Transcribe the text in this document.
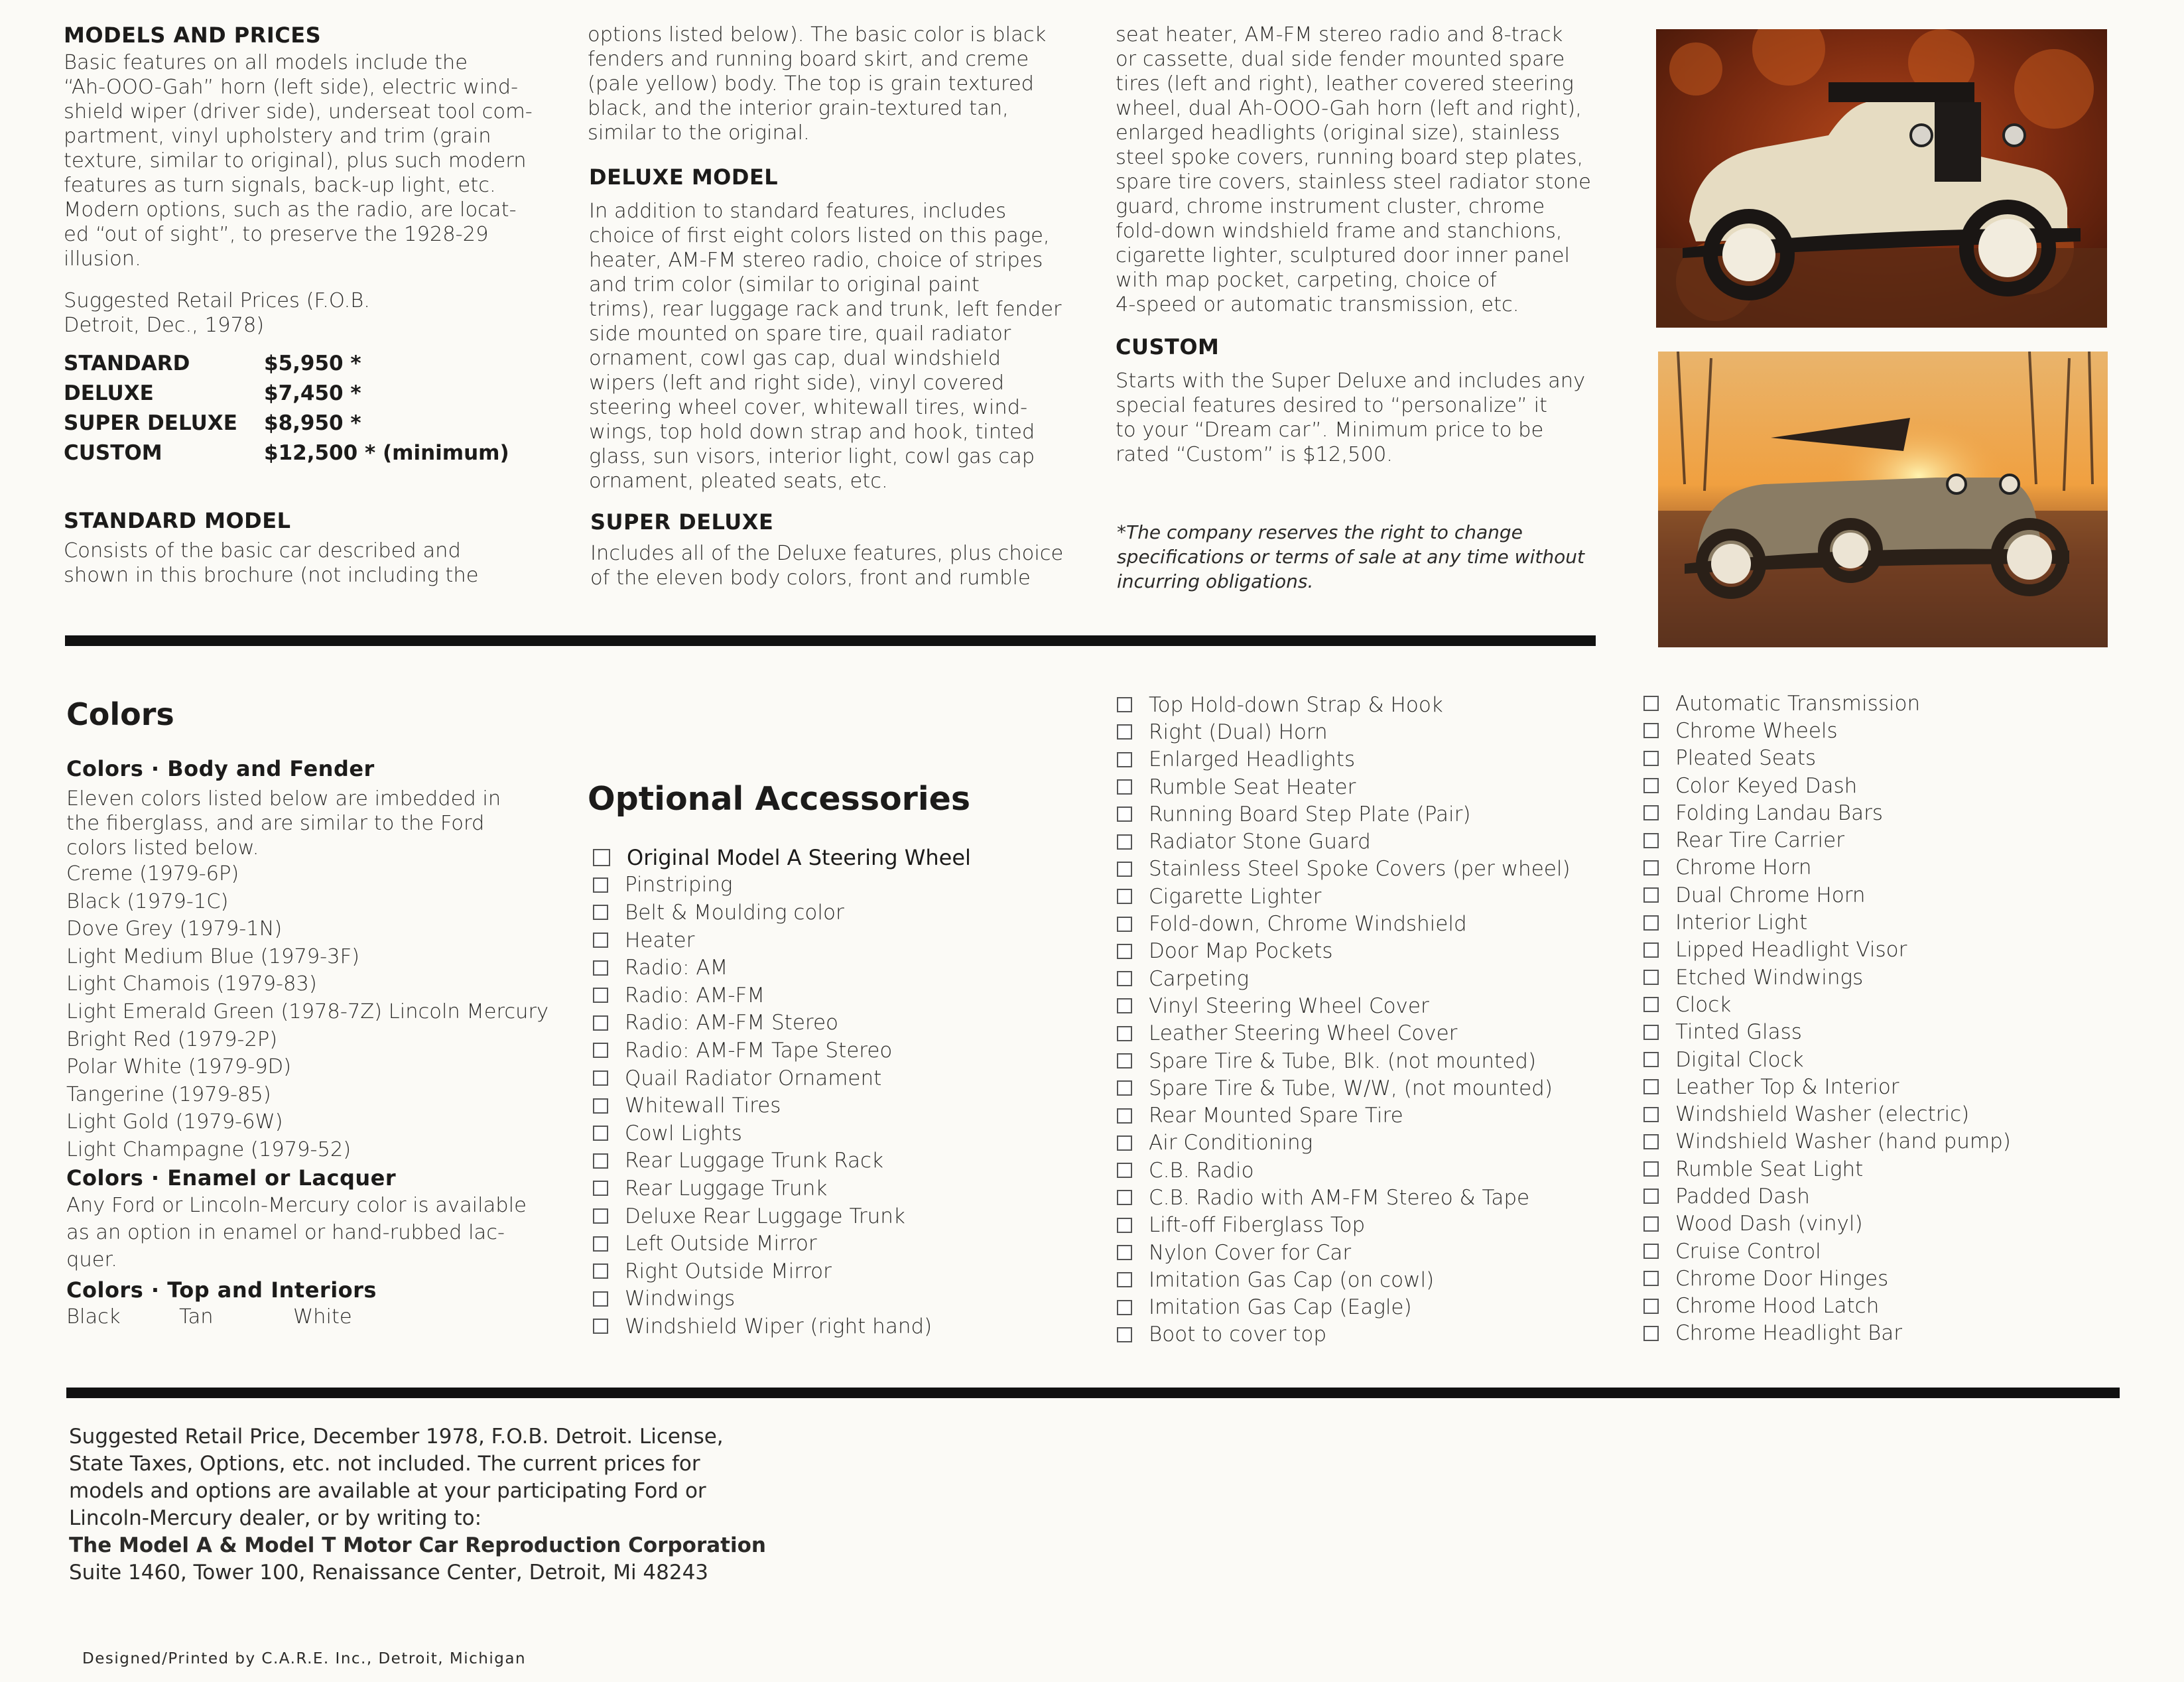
MODELS AND PRICES
Basic features on all models include the
“Ah-OOO-Gah” horn (left side), electric wind-
shield wiper (driver side), underseat tool com-
partment, vinyl upholstery and trim (grain
texture, similar to original), plus such modern
features as turn signals, back-up light, etc.
Modern options, such as the radio, are locat-
ed “out of sight”, to preserve the 1928-29
illusion.
Suggested Retail Prices (F.O.B.
Detroit, Dec., 1978)
STANDARD	$5,950 *
DELUXE	$7,450 *
SUPER DELUXE	$8,950 *
CUSTOM	$12,500 * (minimum)
STANDARD MODEL
Consists of the basic car described and
shown in this brochure (not including the
options listed below). The basic color is black
fenders and running board skirt, and creme
(pale yellow) body. The top is grain textured
black, and the interior grain-textured tan,
similar to the original.
DELUXE MODEL
In addition to standard features, includes
choice of first eight colors listed on this page,
heater, AM-FM stereo radio, choice of stripes
and trim color (similar to original paint
trims), rear luggage rack and trunk, left fender
side mounted on spare tire, quail radiator
ornament, cowl gas cap, dual windshield
wipers (left and right side), vinyl covered
steering wheel cover, whitewall tires, wind-
wings, top hold down strap and hook, tinted
glass, sun visors, interior light, cowl gas cap
ornament, pleated seats, etc.
SUPER DELUXE
Includes all of the Deluxe features, plus choice
of the eleven body colors, front and rumble
seat heater, AM-FM stereo radio and 8-track
or cassette, dual side fender mounted spare
tires (left and right), leather covered steering
wheel, dual Ah-OOO-Gah horn (left and right),
enlarged headlights (original size), stainless
steel spoke covers, running board step plates,
spare tire covers, stainless steel radiator stone
guard, chrome instrument cluster, chrome
fold-down windshield frame and stanchions,
cigarette lighter, sculptured door inner panel
with map pocket, carpeting, choice of
4-speed or automatic transmission, etc.
CUSTOM
Starts with the Super Deluxe and includes any
special features desired to “personalize” it
to your “Dream car”. Minimum price to be
rated “Custom” is $12,500.
*The company reserves the right to change
specifications or terms of sale at any time without
incurring obligations.
Colors
Colors · Body and Fender
Eleven colors listed below are imbedded in
the fiberglass, and are similar to the Ford
colors listed below.
Creme (1979-6P)
Black (1979-1C)
Dove Grey (1979-1N)
Light Medium Blue (1979-3F)
Light Chamois (1979-83)
Light Emerald Green (1978-7Z) Lincoln Mercury
Bright Red (1979-2P)
Polar White (1979-9D)
Tangerine (1979-85)
Light Gold (1979-6W)
Light Champagne (1979-52)
Colors · Enamel or Lacquer
Any Ford or Lincoln-Mercury color is available
as an option in enamel or hand-rubbed lac-
quer.
Colors · Top and Interiors
Black	Tan	White
Optional Accessories
Original Model A Steering Wheel
Pinstriping
Belt & Moulding color
Heater
Radio: AM
Radio: AM-FM
Radio: AM-FM Stereo
Radio: AM-FM Tape Stereo
Quail Radiator Ornament
Whitewall Tires
Cowl Lights
Rear Luggage Trunk Rack
Rear Luggage Trunk
Deluxe Rear Luggage Trunk
Left Outside Mirror
Right Outside Mirror
Windwings
Windshield Wiper (right hand)
Top Hold-down Strap & Hook
Right (Dual) Horn
Enlarged Headlights
Rumble Seat Heater
Running Board Step Plate (Pair)
Radiator Stone Guard
Stainless Steel Spoke Covers (per wheel)
Cigarette Lighter
Fold-down, Chrome Windshield
Door Map Pockets
Carpeting
Vinyl Steering Wheel Cover
Leather Steering Wheel Cover
Spare Tire & Tube, Blk. (not mounted)
Spare Tire & Tube, W/W, (not mounted)
Rear Mounted Spare Tire
Air Conditioning
C.B. Radio
C.B. Radio with AM-FM Stereo & Tape
Lift-off Fiberglass Top
Nylon Cover for Car
Imitation Gas Cap (on cowl)
Imitation Gas Cap (Eagle)
Boot to cover top
Automatic Transmission
Chrome Wheels
Pleated Seats
Color Keyed Dash
Folding Landau Bars
Rear Tire Carrier
Chrome Horn
Dual Chrome Horn
Interior Light
Lipped Headlight Visor
Etched Windwings
Clock
Tinted Glass
Digital Clock
Leather Top & Interior
Windshield Washer (electric)
Windshield Washer (hand pump)
Rumble Seat Light
Padded Dash
Wood Dash (vinyl)
Cruise Control
Chrome Door Hinges
Chrome Hood Latch
Chrome Headlight Bar
Suggested Retail Price, December 1978, F.O.B. Detroit. License,
State Taxes, Options, etc. not included. The current prices for
models and options are available at your participating Ford or
Lincoln-Mercury dealer, or by writing to:
The Model A & Model T Motor Car Reproduction Corporation
Suite 1460, Tower 100, Renaissance Center, Detroit, Mi 48243
Designed/Printed by C.A.R.E. Inc., Detroit, Michigan
